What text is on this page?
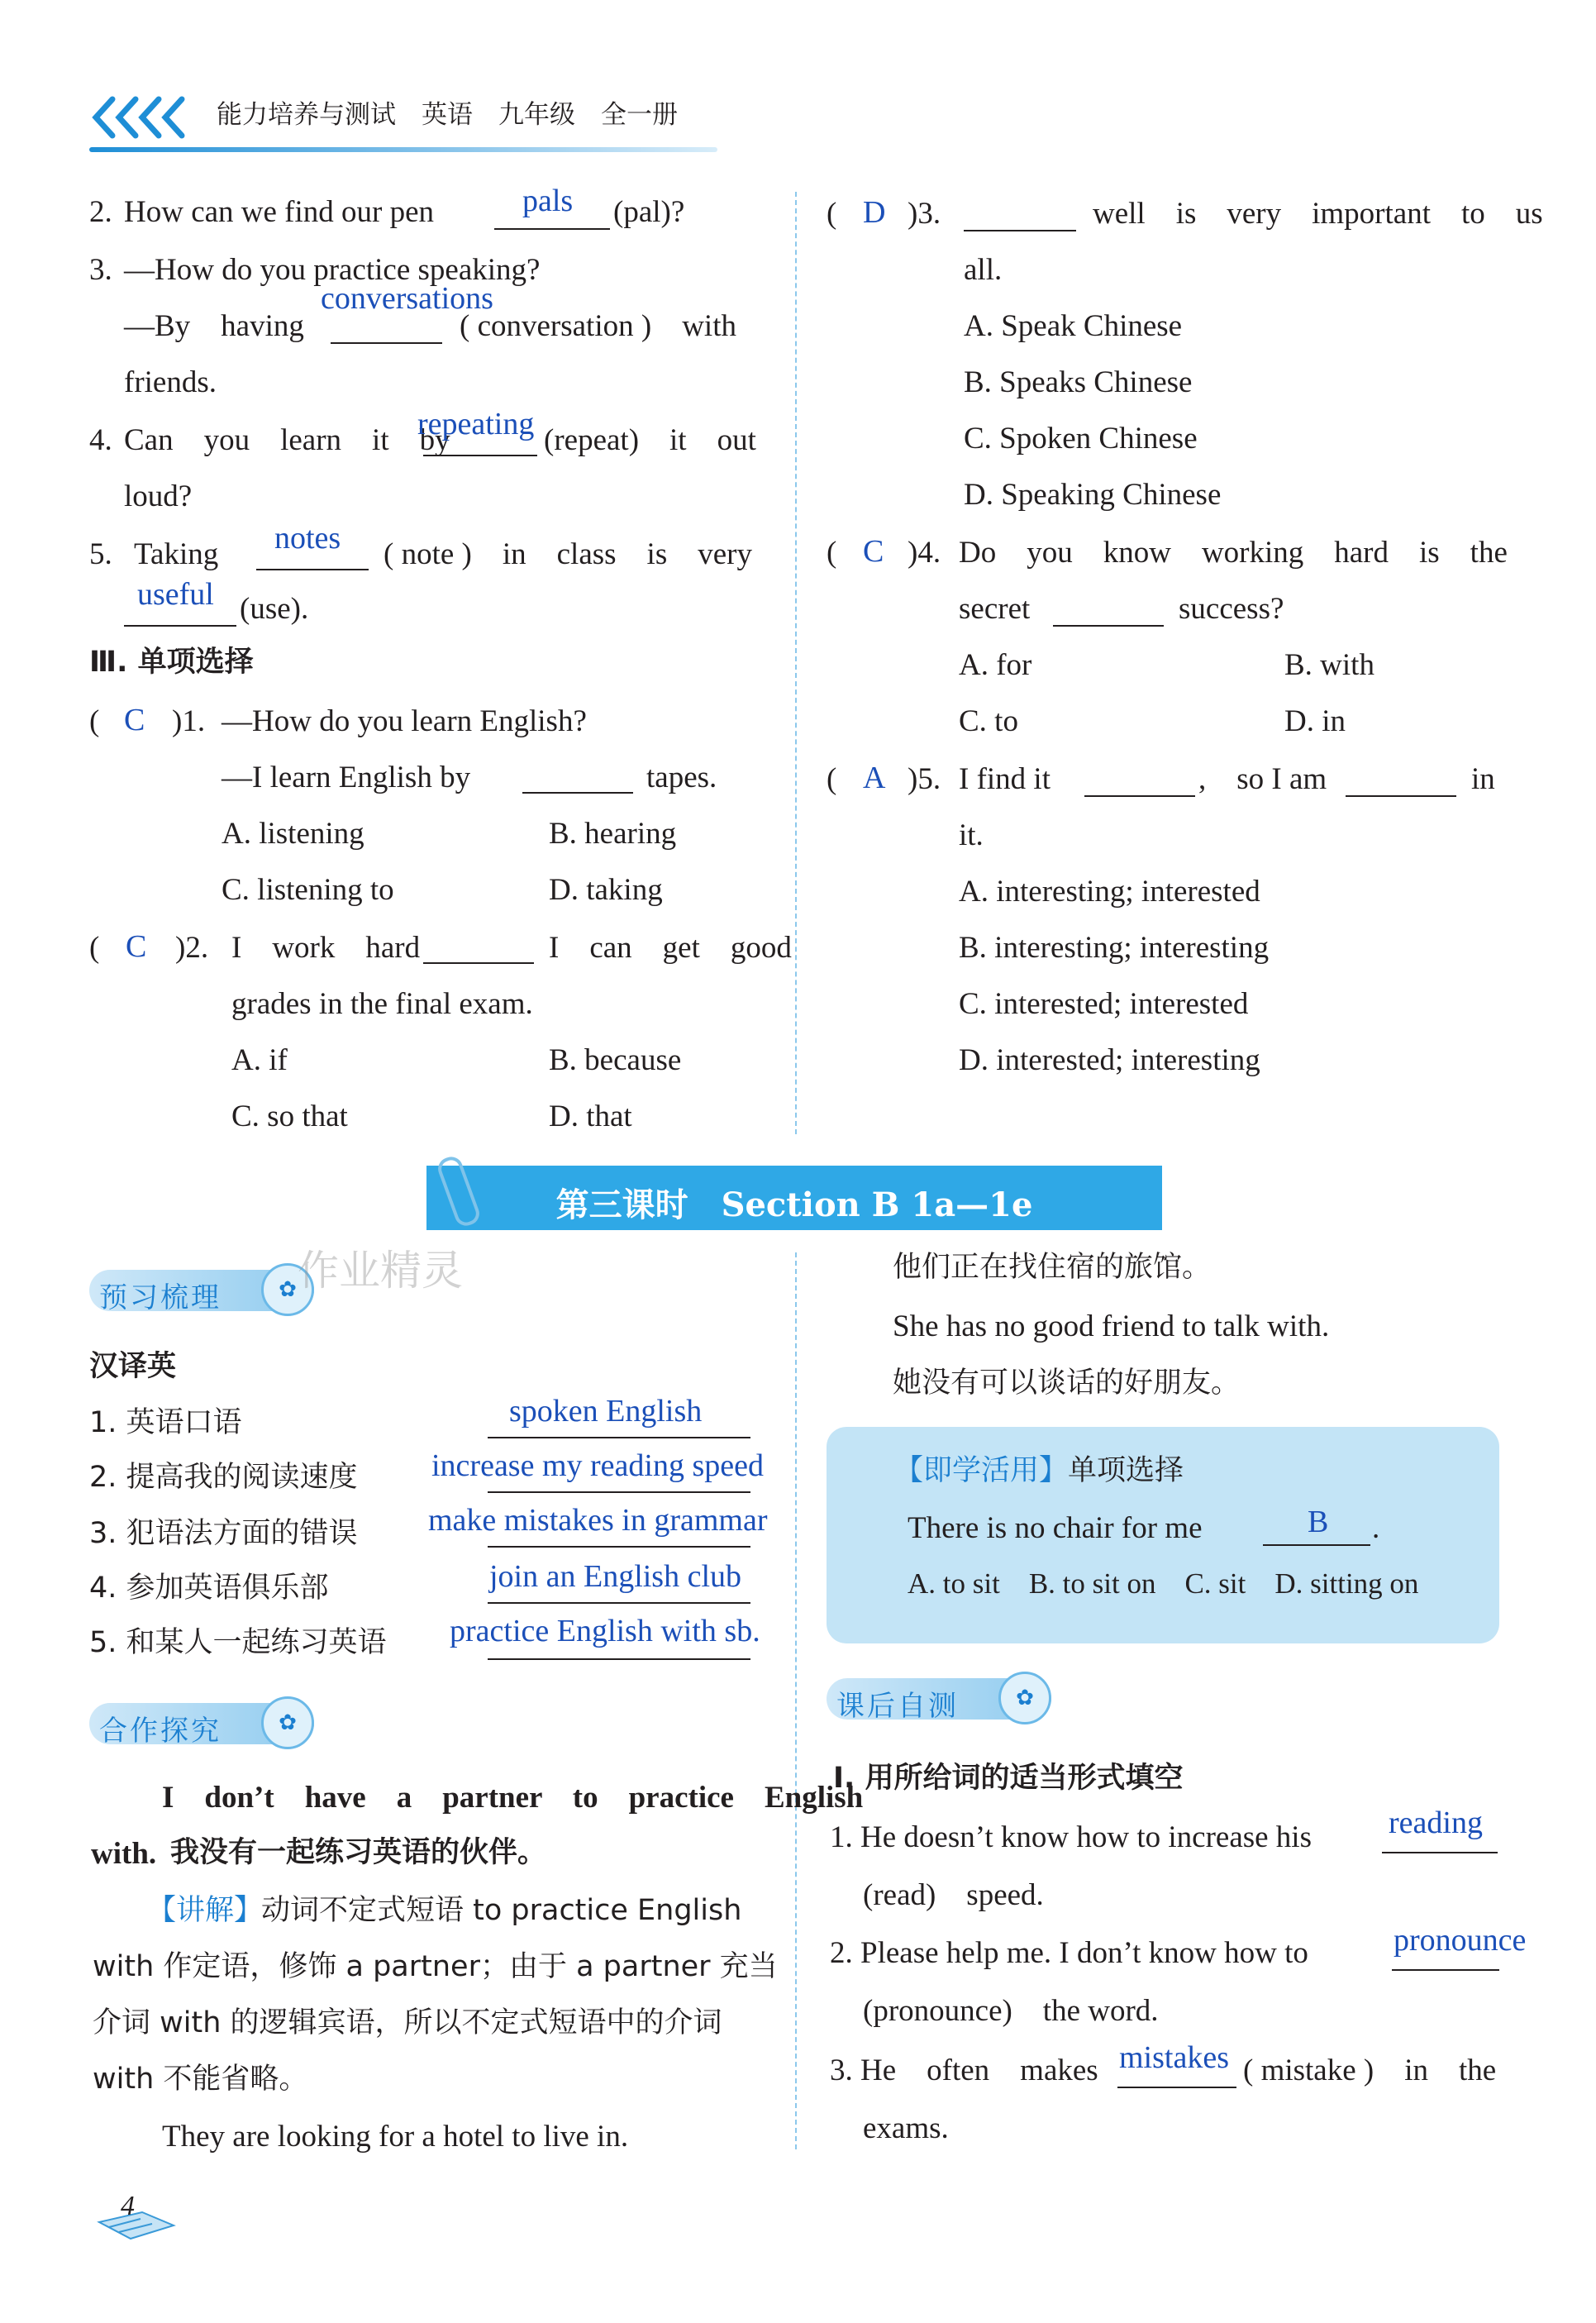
能力培养与测试　英语　九年级　全一册
2. How can we find our pen	pals (pal)?
3. —How do you practice speaking?
conversations
—By　having	( conversation )　with
friends.
4. Can　you　learn　it　by
repeating (repeat)　it　out
loud?
5. Taking notes ( note )　in　class　is　very
useful (use).
Ⅲ. 单项选择
( C )1. —How do you learn English?
—I learn English by	tapes.
A. listening	B. hearing
C. listening to	D. taking
( C )2. I　work　hard	I　can　get　good
grades in the final exam.
A. if	B. because
C. so that	D. that
( D )3.	well　is　very　important　to　us
all.
A. Speak Chinese
B. Speaks Chinese
C. Spoken Chinese
D. Speaking Chinese
( C )4. Do　you　know　working　hard　is　the
secret	success?
A. for	B. with
C. to	D. in
( A )5. I find it	,　so I am	in
it.
A. interesting; interested
B. interesting; interesting
C. interested; interested
D. interested; interesting
第三课时　Section B 1a—1e
预习梳理	✿
汉译英
1. 英语口语	spoken English
2. 提高我的阅读速度 increase my reading speed
3. 犯语法方面的错误 make mistakes in grammar
4. 参加英语俱乐部	join an English club
5. 和某人一起练习英语 practice English with sb.
合作探究	✿
I　don’t　have　a　partner　to　practice　English
with. 我没有一起练习英语的伙伴。
【讲解】
动词不定式短语 to practice English
with 作定语，修饰 a partner；由于 a partner 充当
介词 with 的逻辑宾语，所以不定式短语中的介词
with 不能省略。
They are looking for a hotel to live in.
他们正在找住宿的旅馆。
She has no good friend to talk with.
她没有可以谈话的好朋友。
【即学活用】 单项选择
There is no chair for me	B .
A. to sit　B. to sit on　C. sit　D. sitting on
课后自测	✿
Ⅰ. 用所给词的适当形式填空
1. He doesn’t know how to increase his reading
(read)　speed.
2. Please help me. I don’t know how to	pronounce
(pronounce)　the word.
3. He　often　makes mistakes ( mistake )　in　the
exams.
作业精灵
4
